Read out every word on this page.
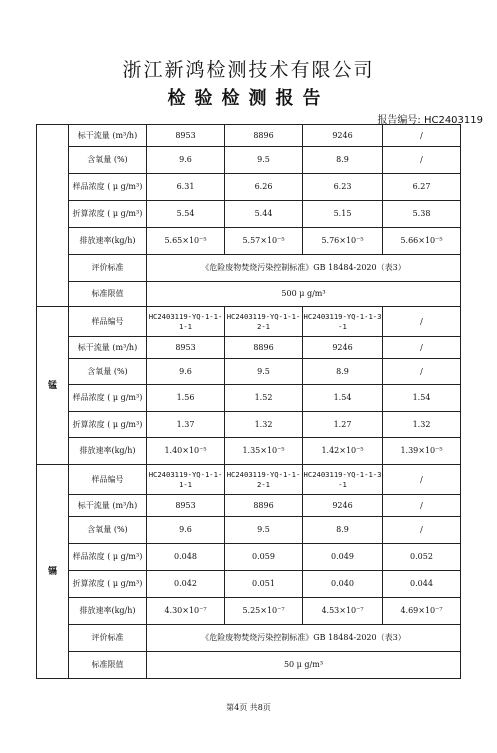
浙江新鸿检测技术有限公司
检验检测报告
报告编号: HC2403119
	标干流量 (m³/h)	8953	8896	9246	/
	含氧量 (%)	9.6	9.5	8.9	/
	样品浓度 ( μ g/m³)	6.31	6.26	6.23	6.27
	折算浓度 ( μ g/m³)	5.54	5.44	5.15	5.38
	排放速率(kg/h)	5.65×10⁻⁵	5.57×10⁻⁵	5.76×10⁻⁵	5.66×10⁻⁵
	评价标准	《危险废物焚烧污染控制标准》GB 18484-2020（表3）			
	标准限值	500 μ g/m³			
锰	样品编号	HC2403119-YQ-1-1-1-1	HC2403119-YQ-1-1-2-1	HC2403119-YQ-1-1-3-1	/
	标干流量 (m³/h)	8953	8896	9246	/
	含氧量 (%)	9.6	9.5	8.9	/
	样品浓度 ( μ g/m³)	1.56	1.52	1.54	1.54
	折算浓度 ( μ g/m³)	1.37	1.32	1.27	1.32
	排放速率(kg/h)	1.40×10⁻⁵	1.35×10⁻⁵	1.42×10⁻⁵	1.39×10⁻⁵
镉	样品编号	HC2403119-YQ-1-1-1-1	HC2403119-YQ-1-1-2-1	HC2403119-YQ-1-1-3-1	/
	标干流量 (m³/h)	8953	8896	9246	/
	含氧量 (%)	9.6	9.5	8.9	/
	样品浓度 ( μ g/m³)	0.048	0.059	0.049	0.052
	折算浓度 ( μ g/m³)	0.042	0.051	0.040	0.044
	排放速率(kg/h)	4.30×10⁻⁷	5.25×10⁻⁷	4.53×10⁻⁷	4.69×10⁻⁷
	评价标准	《危险废物焚烧污染控制标准》GB 18484-2020（表3）			
	标准限值	50 μ g/m³			
第4页 共8页
